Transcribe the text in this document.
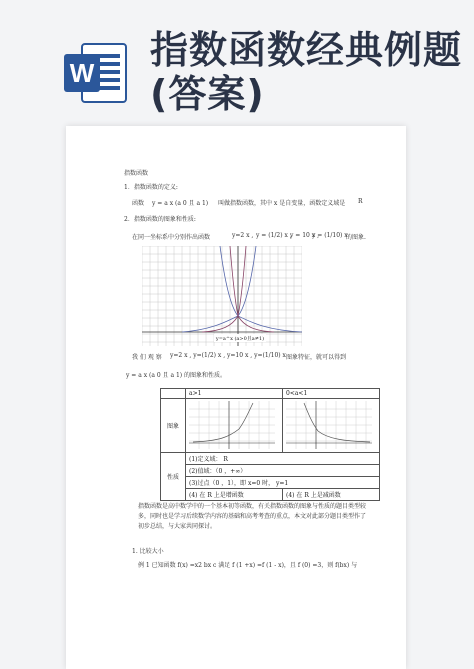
W
指数函数经典例题
(答案)
指数函数
1．指数函数的定义:
函数 y = a x (a 0 且 a 1) 叫做指数函数，其中 x 是自变量，函数定义域是 R
2．指数函数的图象和性质:
在同一坐标系中分别作出函数	y=2 x , y = (1/2) x ,
y = 10 x ,
y = (1/10) x
的图象.
y=a^x (a>0且a≠1)
我 们 观 察 y=2 x , y=(1/2) x , y=10 x , y=(1/10) x 图象特征，就可以得到
y = a x (a 0 且 a 1) 的图象和性质。
	a>1	0<a<1
图象		
性质	(1)定义域： R	
	(2)值域：（0 ，+∞）	
	(3)过点（0 ，1），即 x=0 时， y=1	
	(4) 在 R 上是增函数	(4) 在 R 上是减函数
指数函数是高中数学中的一个基本初等函数，有关指数函数的图象与性质的题目类型较多，同时也是学习后续数学内容的基础和高考考查的重点，本文对此部分题目类型作了初步总结，与大家共同探讨。
1. 比较大小
例 1 已知函数 f(x) =x2 bx c 满足 f (1 +x) =f (1 - x)，且 f (0) =3，则 f(bx) 与
